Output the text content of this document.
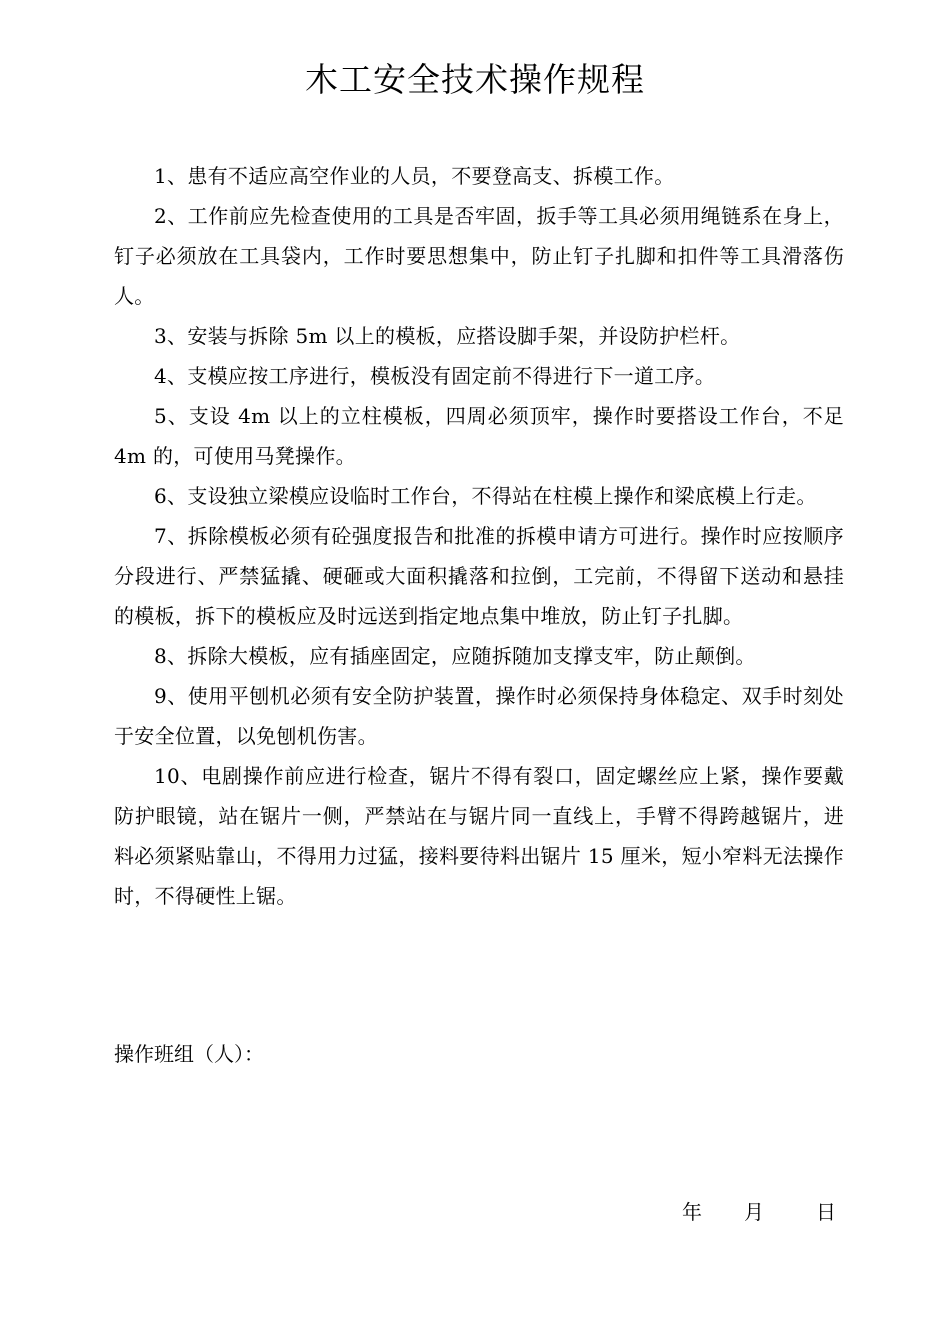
木工安全技术操作规程

1、患有不适应高空作业的人员，不要登高支、拆模工作。

2、工作前应先检查使用的工具是否牢固，扳手等工具必须用绳链系在身上，钉子必须放在工具袋内，工作时要思想集中，防止钉子扎脚和扣件等工具滑落伤人。

3、安装与拆除 5m 以上的模板，应搭设脚手架，并设防护栏杆。

4、支模应按工序进行，模板没有固定前不得进行下一道工序。

5、支设 4m 以上的立柱模板，四周必须顶牢，操作时要搭设工作台，不足 4m 的，可使用马凳操作。

6、支设独立梁模应设临时工作台，不得站在柱模上操作和梁底模上行走。

7、拆除模板必须有砼强度报告和批准的拆模申请方可进行。操作时应按顺序分段进行、严禁猛撬、硬砸或大面积撬落和拉倒，工完前，不得留下送动和悬挂的模板，拆下的模板应及时远送到指定地点集中堆放，防止钉子扎脚。

8、拆除大模板，应有插座固定，应随拆随加支撑支牢，防止颠倒。

9、使用平刨机必须有安全防护装置，操作时必须保持身体稳定、双手时刻处于安全位置，以免刨机伤害。

10、电剧操作前应进行检查，锯片不得有裂口，固定螺丝应上紧，操作要戴防护眼镜，站在锯片一侧，严禁站在与锯片同一直线上，手臂不得跨越锯片，进料必须紧贴靠山，不得用力过猛，接料要待料出锯片 15 厘米，短小窄料无法操作时，不得硬性上锯。

操作班组（人）：

年 月	日
